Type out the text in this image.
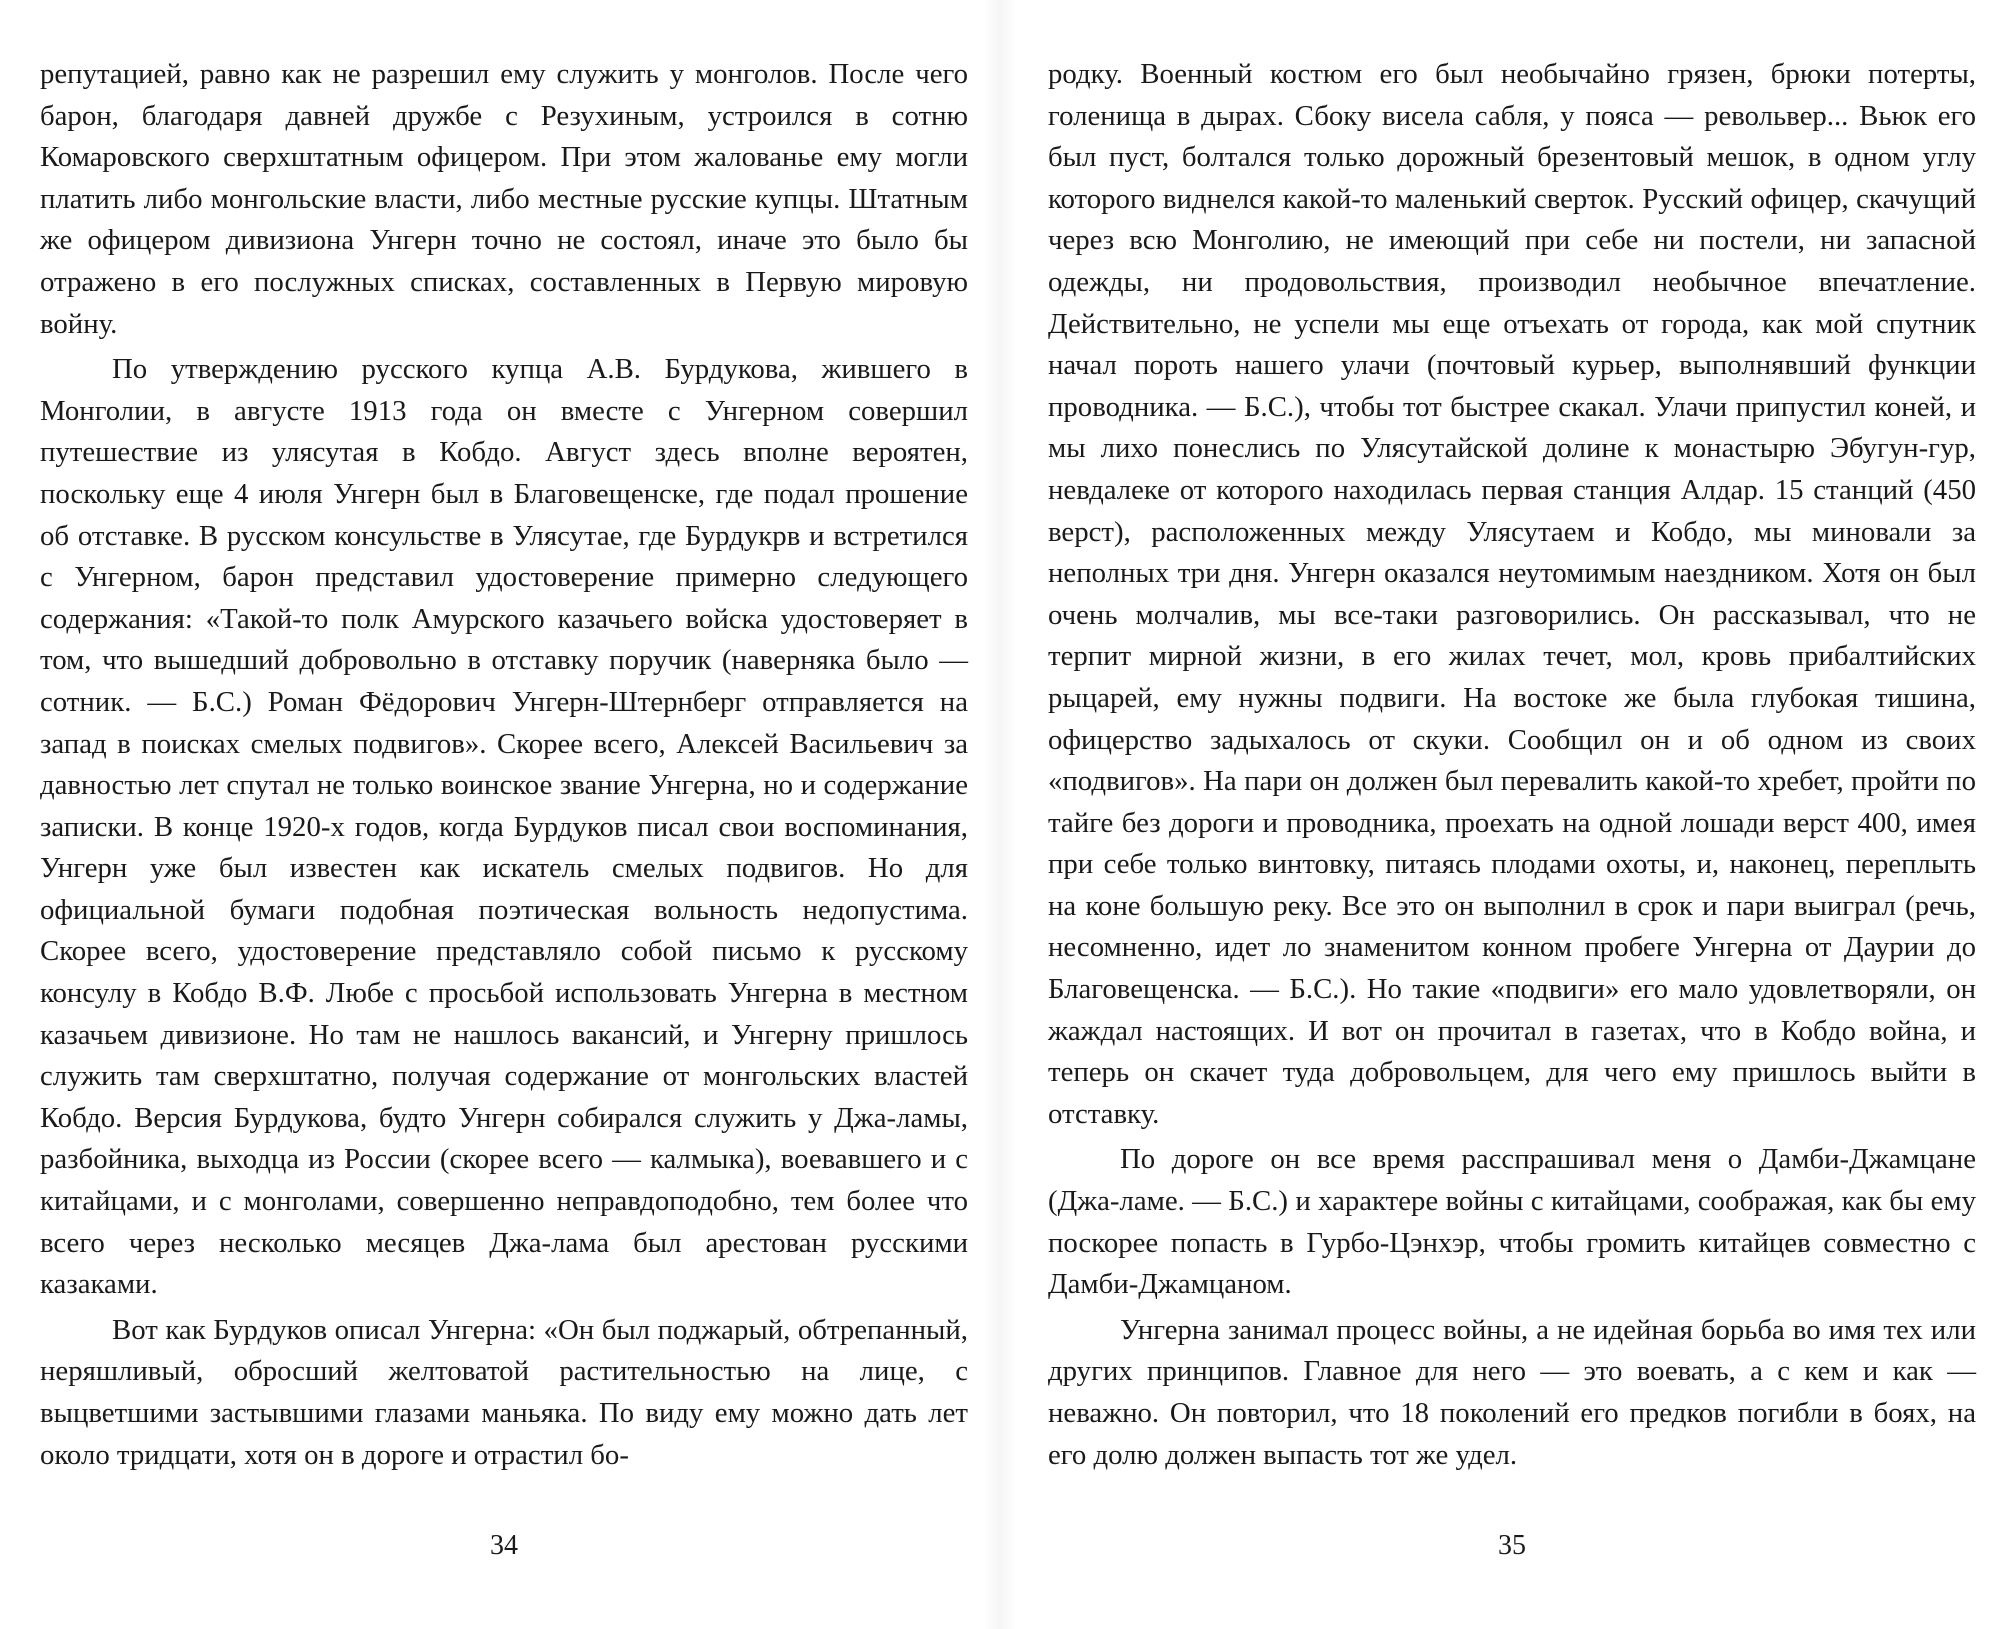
репутацией, равно как не разрешил ему служить у монголов. После чего барон, благодаря давней дружбе с Резухиным, устроился в сотню Комаровского сверхштатным офицером. При этом жалованье ему могли платить либо монгольские власти, либо местные русские купцы. Штатным же офицером дивизиона Унгерн точно не состоял, иначе это было бы отражено в его послужных списках, составленных в Первую мировую войну.

По утверждению русского купца А.В. Бурдукова, жившего в Монголии, в августе 1913 года он вместе с Унгерном совершил путешествие из улясутая в Кобдо. Август здесь вполне вероятен, поскольку еще 4 июля Унгерн был в Благовещенске, где подал прошение об отставке. В русском консульстве в Улясутае, где Бурдукрв и встретился с Унгерном, барон представил удостоверение примерно следующего содержания: «Такой-то полк Амурского казачьего войска удостоверяет в том, что вышедший добровольно в отставку поручик (наверняка было — сотник. — Б.С.) Роман Фёдорович Унгерн-Штернберг отправляется на запад в поисках смелых подвигов». Скорее всего, Алексей Васильевич за давностью лет спутал не только воинское звание Унгерна, но и содержание записки. В конце 1920-х годов, когда Бурдуков писал свои воспоминания, Унгерн уже был известен как искатель смелых подвигов. Но для официальной бумаги подобная поэтическая вольность недопустима. Скорее всего, удостоверение представляло собой письмо к русскому консулу в Кобдо В.Ф. Любе с просьбой использовать Унгерна в местном казачьем дивизионе. Но там не нашлось вакансий, и Унгерну пришлось служить там сверхштатно, получая содержание от монгольских властей Кобдо. Версия Бурдукова, будто Унгерн собирался служить у Джа-ламы, разбойника, выходца из России (скорее всего — калмыка), воевавшего и с китайцами, и с монголами, совершенно неправдоподобно, тем более что всего через несколько месяцев Джа-лама был арестован русскими казаками.

Вот как Бурдуков описал Унгерна: «Он был поджарый, обтрепанный, неряшливый, обросший желтоватой растительностью на лице, с выцветшими застывшими глазами маньяка. По виду ему можно дать лет около тридцати, хотя он в дороге и отрастил бо-

34

родку. Военный костюм его был необычайно грязен, брюки потерты, голенища в дырах. Сбоку висела сабля, у пояса — револьвер... Вьюк его был пуст, болтался только дорожный брезентовый мешок, в одном углу которого виднелся какой-то маленький сверток. Русский офицер, скачущий через всю Монголию, не имеющий при себе ни постели, ни запасной одежды, ни продовольствия, производил необычное впечатление. Действительно, не успели мы еще отъехать от города, как мой спутник начал пороть нашего улачи (почтовый курьер, выполнявший функции проводника. — Б.С.), чтобы тот быстрее скакал. Улачи припустил коней, и мы лихо понеслись по Улясутайской долине к монастырю Эбугун-гур, невдалеке от которого находилась первая станция Алдар. 15 станций (450 верст), расположенных между Улясутаем и Кобдо, мы миновали за неполных три дня. Унгерн оказался неутомимым наездником. Хотя он был очень молчалив, мы все-таки разговорились. Он рассказывал, что не терпит мирной жизни, в его жилах течет, мол, кровь прибалтийских рыцарей, ему нужны подвиги. На востоке же была глубокая тишина, офицерство задыхалось от скуки. Сообщил он и об одном из своих «подвигов». На пари он должен был перевалить какой-то хребет, пройти по тайге без дороги и проводника, проехать на одной лошади верст 400, имея при себе только винтовку, питаясь плодами охоты, и, наконец, переплыть на коне большую реку. Все это он выполнил в срок и пари выиграл (речь, несомненно, идет ло знаменитом конном пробеге Унгерна от Даурии до Благовещенска. — Б.С.). Но такие «подвиги» его мало удовлетворяли, он жаждал настоящих. И вот он прочитал в газетах, что в Кобдо война, и теперь он скачет туда добровольцем, для чего ему пришлось выйти в отставку.

По дороге он все время расспрашивал меня о Дамби-Джамцане (Джа-ламе. — Б.С.) и характере войны с китайцами, соображая, как бы ему поскорее попасть в Гурбо-Цэнхэр, чтобы громить китайцев совместно с Дамби-Джамцаном.

Унгерна занимал процесс войны, а не идейная борьба во имя тех или других принципов. Главное для него — это воевать, а с кем и как — неважно. Он повторил, что 18 поколений его предков погибли в боях, на его долю должен выпасть тот же удел.

35
